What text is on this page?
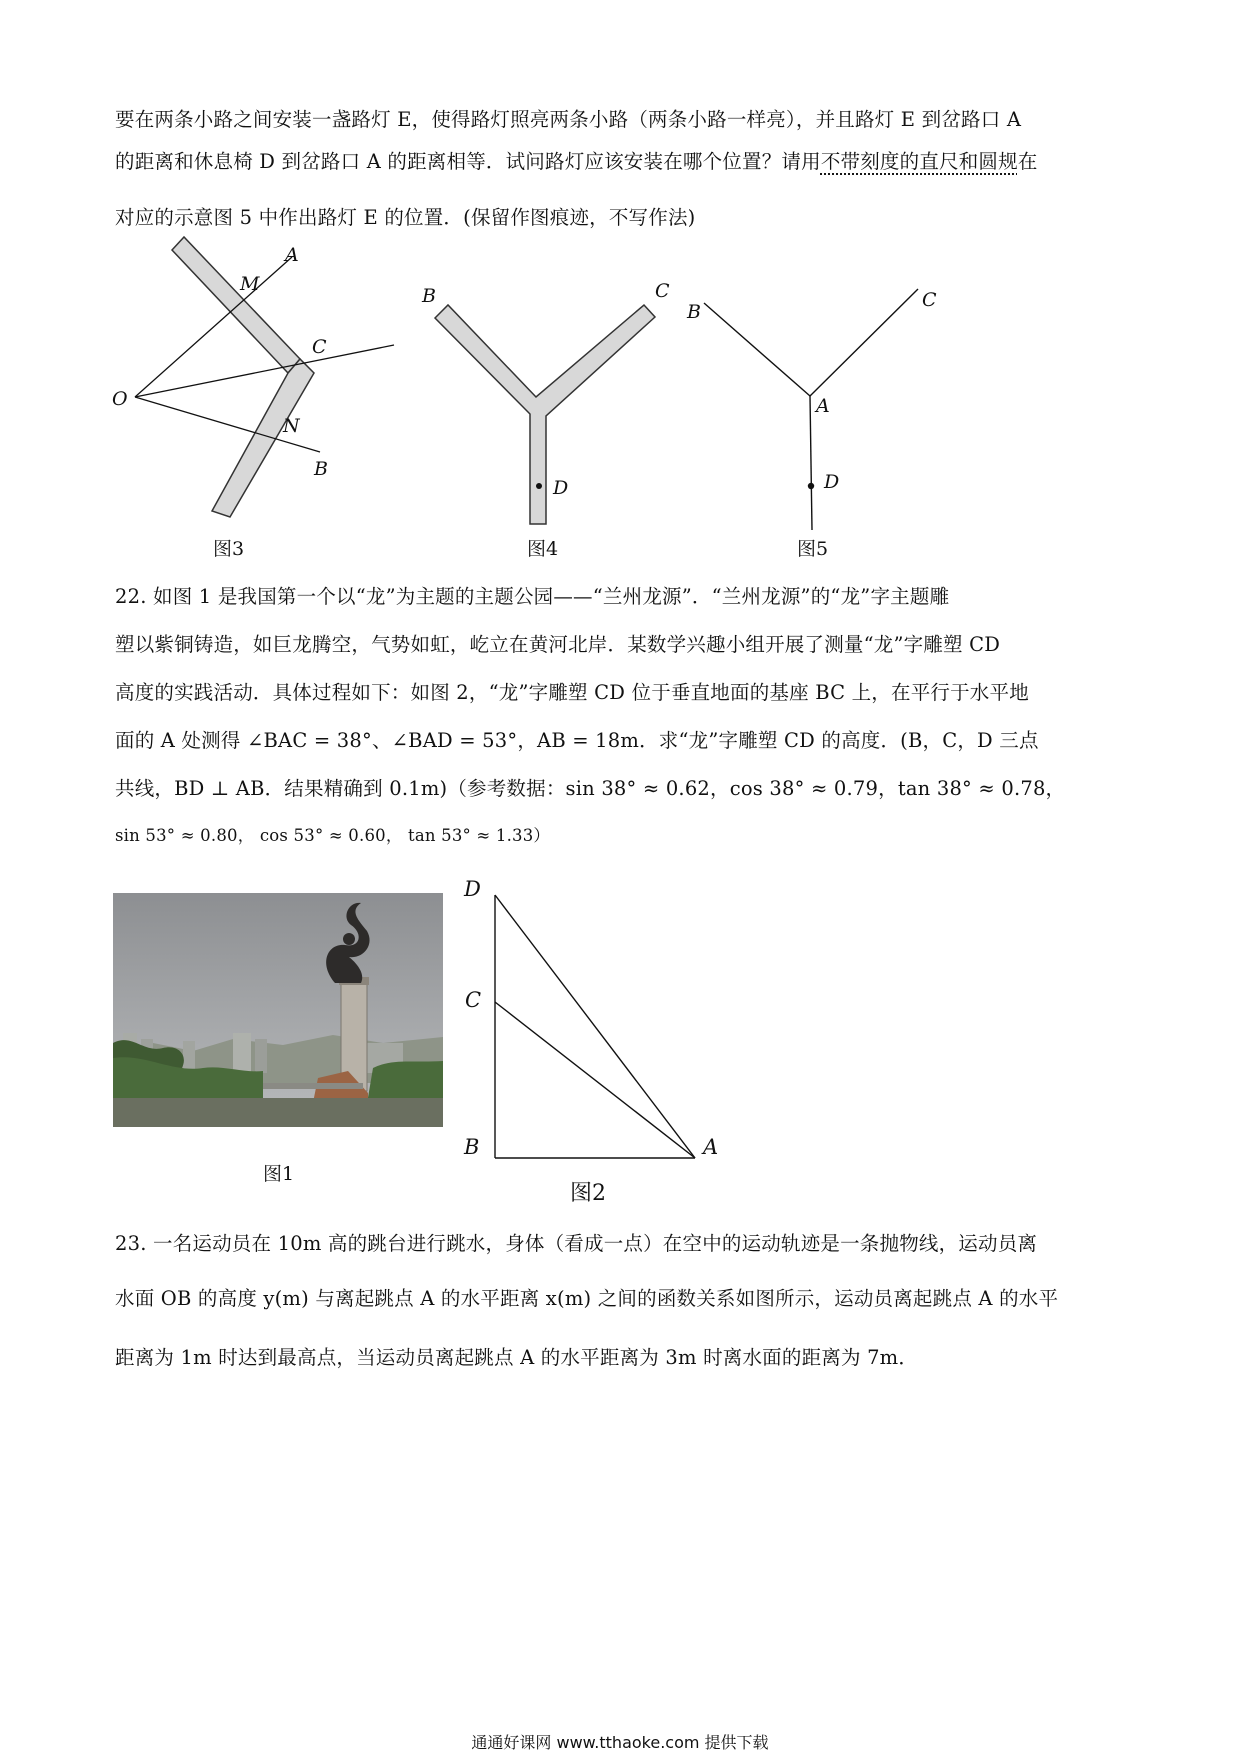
要在两条小路之间安装一盏路灯 E，使得路灯照亮两条小路（两条小路一样亮），并且路灯 E 到岔路口 A
的距离和休息椅 D 到岔路口 A 的距离相等．试问路灯应该安装在哪个位置？请用不带刻度的直尺和圆规在
对应的示意图 5 中作出路灯 E 的位置．(保留作图痕迹，不写作法)
A
M
C
O
N
B
图3
B	C
D
图4
B
C
A
D
图5
22. 如图 1 是我国第一个以“龙”为主题的主题公园——“兰州龙源”．“兰州龙源”的“龙”字主题雕
塑以紫铜铸造，如巨龙腾空，气势如虹，屹立在黄河北岸．某数学兴趣小组开展了测量“龙”字雕塑 CD
高度的实践活动．具体过程如下：如图 2，“龙”字雕塑 CD 位于垂直地面的基座 BC 上，在平行于水平地
面的 A 处测得 ∠BAC = 38°、∠BAD = 53°，AB = 18m．求“龙”字雕塑 CD 的高度．(B，C，D 三点
共线，BD ⊥ AB．结果精确到 0.1m)（参考数据：sin 38° ≈ 0.62，cos 38° ≈ 0.79，tan 38° ≈ 0.78，
sin 53° ≈ 0.80， cos 53° ≈ 0.60， tan 53° ≈ 1.33）
图1
D
C
B	A
图2
23. 一名运动员在 10m 高的跳台进行跳水，身体（看成一点）在空中的运动轨迹是一条抛物线，运动员离
水面 OB 的高度 y(m) 与离起跳点 A 的水平距离 x(m) 之间的函数关系如图所示，运动员离起跳点 A 的水平
距离为 1m 时达到最高点，当运动员离起跳点 A 的水平距离为 3m 时离水面的距离为 7m．
通通好课网 www.tthaoke.com 提供下载
